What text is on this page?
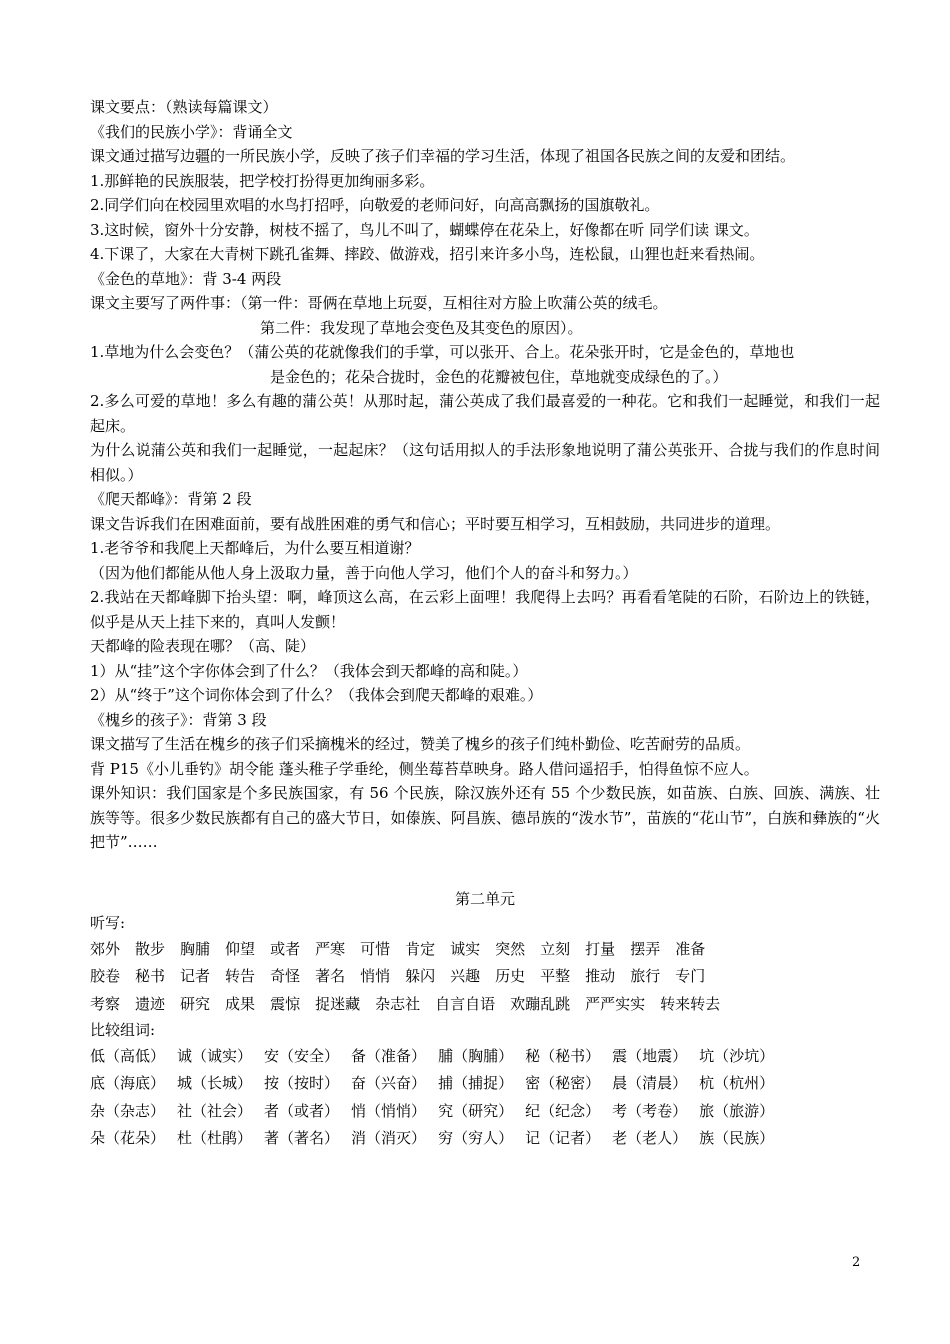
课文要点：（熟读每篇课文）
《我们的民族小学》：背诵全文
课文通过描写边疆的一所民族小学，反映了孩子们幸福的学习生活，体现了祖国各民族之间的友爱和团结。
1.那鲜艳的民族服装，把学校打扮得更加绚丽多彩。
2.同学们向在校园里欢唱的水鸟打招呼，向敬爱的老师问好，向高高飘扬的国旗敬礼。
3.这时候，窗外十分安静，树枝不摇了，鸟儿不叫了，蝴蝶停在花朵上，好像都在听 同学们读 课文。
4.下课了，大家在大青树下跳孔雀舞、摔跤、做游戏，招引来许多小鸟，连松鼠，山狸也赶来看热闹。
《金色的草地》：背 3-4 两段
课文主要写了两件事：（第一件：哥俩在草地上玩耍，互相往对方脸上吹蒲公英的绒毛。
第二件：我发现了草地会变色及其变色的原因）。
1.草地为什么会变色？（蒲公英的花就像我们的手掌，可以张开、合上。花朵张开时，它是金色的，草地也
是金色的；花朵合拢时，金色的花瓣被包住，草地就变成绿色的了。）
2.多么可爱的草地！多么有趣的蒲公英！从那时起，蒲公英成了我们最喜爱的一种花。它和我们一起睡觉，和我们一起起床。
为什么说蒲公英和我们一起睡觉，一起起床？（这句话用拟人的手法形象地说明了蒲公英张开、合拢与我们的作息时间相似。）
《爬天都峰》：背第 2 段
课文告诉我们在困难面前，要有战胜困难的勇气和信心；平时要互相学习，互相鼓励，共同进步的道理。
1.老爷爷和我爬上天都峰后，为什么要互相道谢？
（因为他们都能从他人身上汲取力量，善于向他人学习，他们个人的奋斗和努力。）
2.我站在天都峰脚下抬头望：啊，峰顶这么高，在云彩上面哩！我爬得上去吗？再看看笔陡的石阶，石阶边上的铁链，似乎是从天上挂下来的，真叫人发颤！
天都峰的险表现在哪？（高、陡）
1）从“挂”这个字你体会到了什么？（我体会到天都峰的高和陡。）
2）从“终于”这个词你体会到了什么？（我体会到爬天都峰的艰难。）
《槐乡的孩子》：背第 3 段
课文描写了生活在槐乡的孩子们采摘槐米的经过，赞美了槐乡的孩子们纯朴勤俭、吃苦耐劳的品质。
背 P15《小儿垂钓》胡令能 蓬头稚子学垂纶，侧坐莓苔草映身。路人借问遥招手，怕得鱼惊不应人。
课外知识：我们国家是个多民族国家，有 56 个民族，除汉族外还有 55 个少数民族，如苗族、白族、回族、满族、壮族等等。很多少数民族都有自己的盛大节日，如傣族、阿昌族、德昂族的“泼水节”，苗族的“花山节”，白族和彝族的“火把节”……
第二单元
听写:
郊外 散步 胸脯 仰望 或者 严寒 可惜 肯定 诚实 突然 立刻 打量 摆弄 准备
胶卷 秘书 记者 转告 奇怪 著名 悄悄 躲闪 兴趣 历史 平整 推动 旅行 专门
考察 遗迹 研究 成果 震惊 捉迷藏 杂志社 自言自语 欢蹦乱跳 严严实实 转来转去
比较组词:
低（高低） 诚（诚实） 安（安全） 备（准备） 脯（胸脯） 秘（秘书） 震（地震） 坑（沙坑）
底（海底） 城（长城） 按（按时） 奋（兴奋） 捕（捕捉） 密（秘密） 晨（清晨） 杭（杭州）
杂（杂志） 社（社会） 者（或者） 悄（悄悄） 究（研究） 纪（纪念） 考（考卷） 旅（旅游）
朵（花朵） 杜（杜鹃） 著（著名） 消（消灭） 穷（穷人） 记（记者） 老（老人） 族（民族）
2
